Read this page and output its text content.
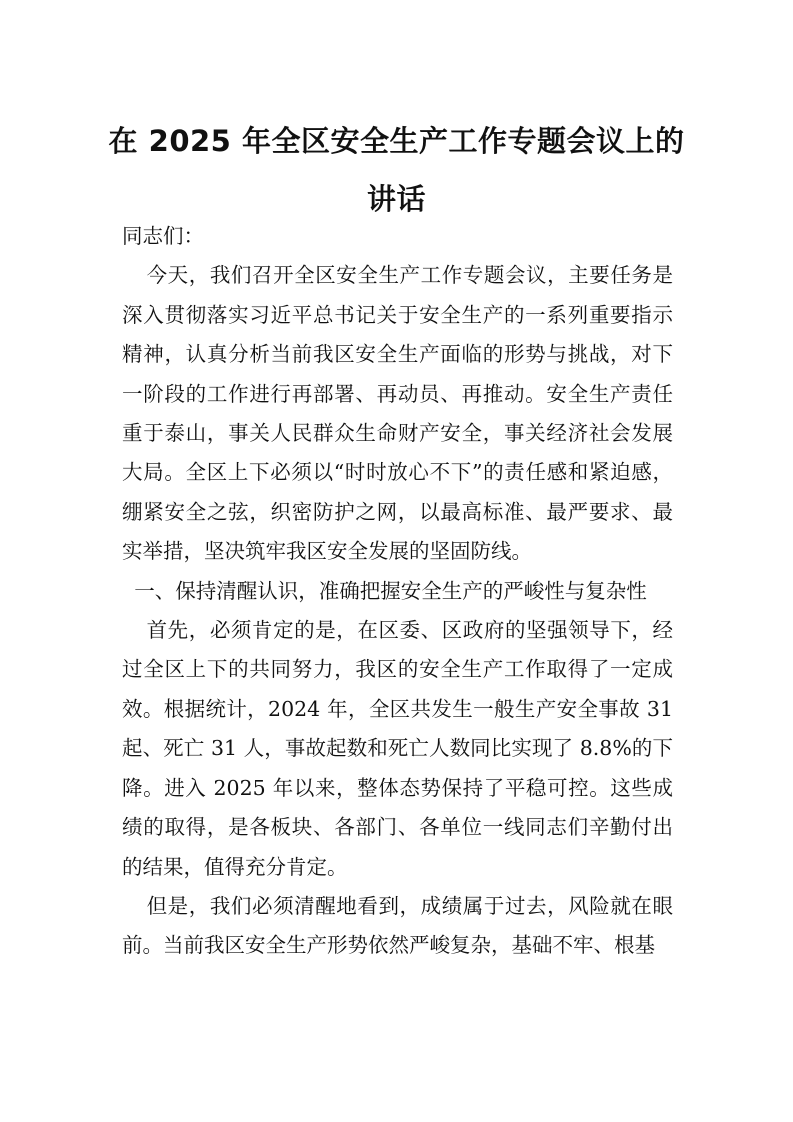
在 2025 年全区安全生产工作专题会议上的讲话

同志们：

今天，我们召开全区安全生产工作专题会议，主要任务是深入贯彻落实习近平总书记关于安全生产的一系列重要指示精神，认真分析当前我区安全生产面临的形势与挑战，对下一阶段的工作进行再部署、再动员、再推动。安全生产责任重于泰山，事关人民群众生命财产安全，事关经济社会发展大局。全区上下必须以“时时放心不下”的责任感和紧迫感，绷紧安全之弦，织密防护之网，以最高标准、最严要求、最实举措，坚决筑牢我区安全发展的坚固防线。

一、保持清醒认识，准确把握安全生产的严峻性与复杂性

首先，必须肯定的是，在区委、区政府的坚强领导下，经过全区上下的共同努力，我区的安全生产工作取得了一定成效。根据统计，2024 年，全区共发生一般生产安全事故 31 起、死亡 31 人，事故起数和死亡人数同比实现了 8.8%的下降。进入 2025 年以来，整体态势保持了平稳可控。这些成绩的取得，是各板块、各部门、各单位一线同志们辛勤付出的结果，值得充分肯定。

但是，我们必须清醒地看到，成绩属于过去，风险就在眼前。当前我区安全生产形势依然严峻复杂，基础不牢、根基
